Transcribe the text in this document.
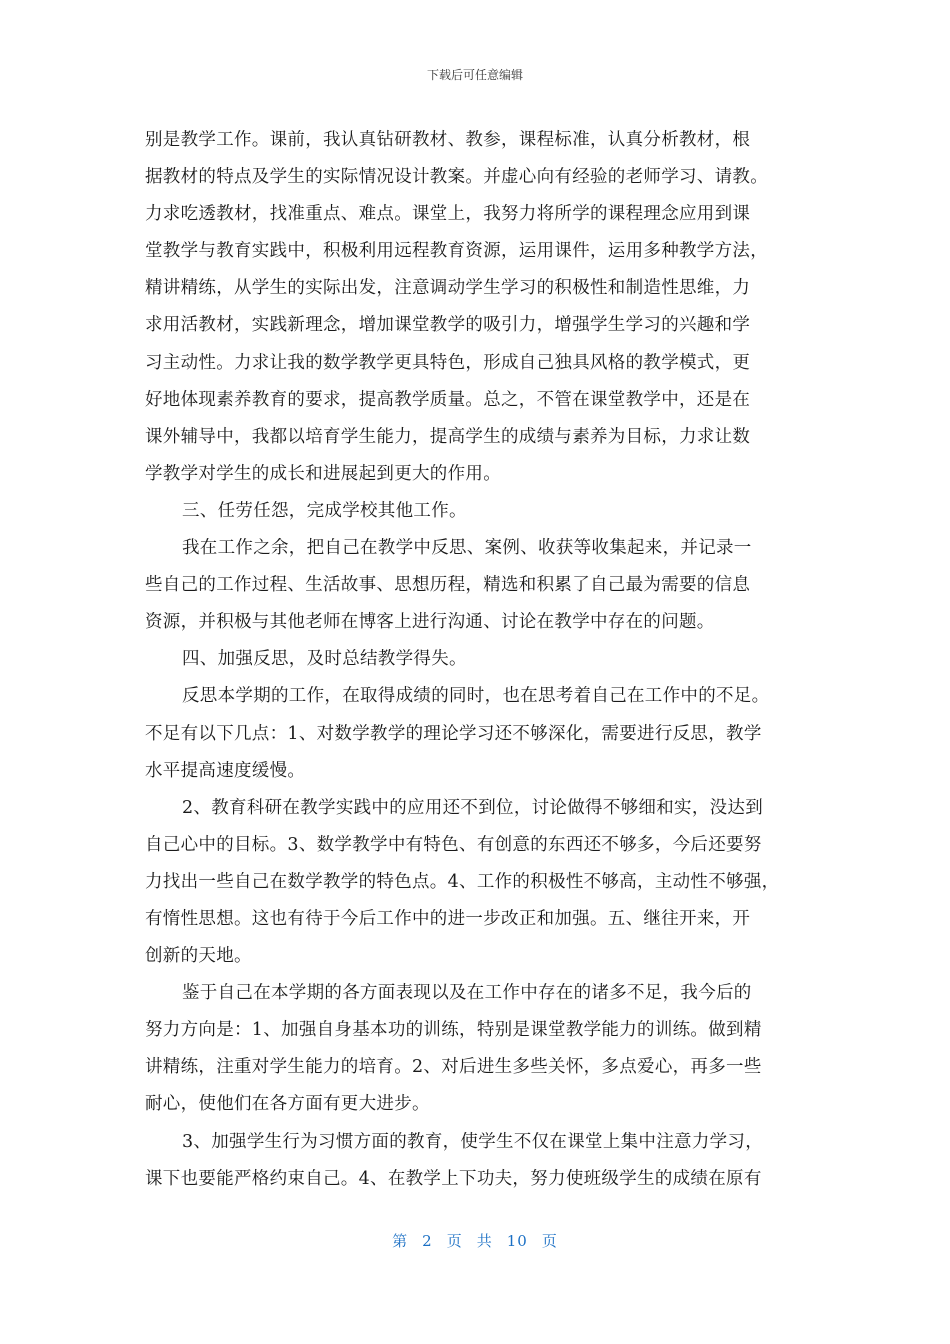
下载后可任意编辑
别是教学工作。课前，我认真钻研教材、教参，课程标准，认真分析教材，根
据教材的特点及学生的实际情况设计教案。并虚心向有经验的老师学习、请教。
力求吃透教材，找准重点、难点。课堂上，我努力将所学的课程理念应用到课
堂教学与教育实践中，积极利用远程教育资源，运用课件，运用多种教学方法，
精讲精练，从学生的实际出发，注意调动学生学习的积极性和制造性思维，力
求用活教材，实践新理念，增加课堂教学的吸引力，增强学生学习的兴趣和学
习主动性。力求让我的数学教学更具特色，形成自己独具风格的教学模式，更
好地体现素养教育的要求，提高教学质量。总之，不管在课堂教学中，还是在
课外辅导中，我都以培育学生能力，提高学生的成绩与素养为目标，力求让数
学教学对学生的成长和进展起到更大的作用。
三、任劳任怨，完成学校其他工作。
我在工作之余，把自己在教学中反思、案例、收获等收集起来，并记录一
些自己的工作过程、生活故事、思想历程，精选和积累了自己最为需要的信息
资源，并积极与其他老师在博客上进行沟通、讨论在教学中存在的问题。
四、加强反思，及时总结教学得失。
反思本学期的工作，在取得成绩的同时，也在思考着自己在工作中的不足。
不足有以下几点：1、对数学教学的理论学习还不够深化，需要进行反思，教学
水平提高速度缓慢。
2、教育科研在教学实践中的应用还不到位，讨论做得不够细和实，没达到
自己心中的目标。3、数学教学中有特色、有创意的东西还不够多，今后还要努
力找出一些自己在数学教学的特色点。4、工作的积极性不够高，主动性不够强，
有惰性思想。这也有待于今后工作中的进一步改正和加强。五、继往开来，开
创新的天地。
鉴于自己在本学期的各方面表现以及在工作中存在的诸多不足，我今后的
努力方向是：1、加强自身基本功的训练，特别是课堂教学能力的训练。做到精
讲精练，注重对学生能力的培育。2、对后进生多些关怀，多点爱心，再多一些
耐心，使他们在各方面有更大进步。
3、加强学生行为习惯方面的教育，使学生不仅在课堂上集中注意力学习，
课下也要能严格约束自己。4、在教学上下功夫，努力使班级学生的成绩在原有
第 2 页 共 10 页
